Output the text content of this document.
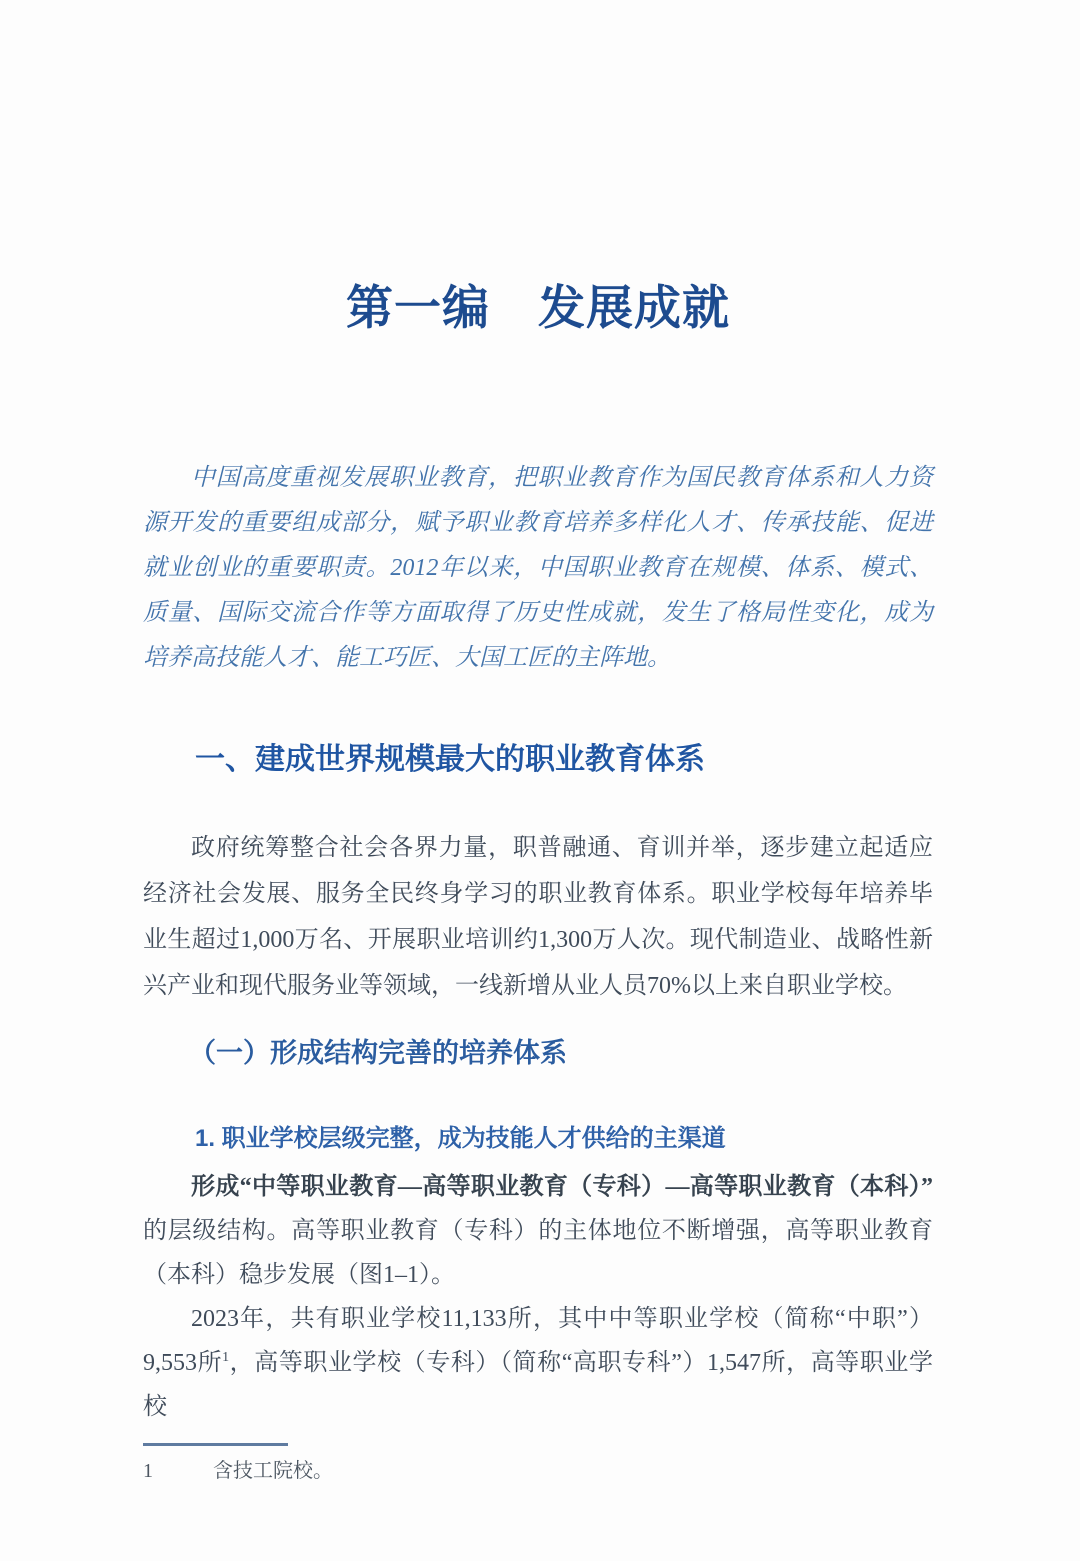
第一编　发展成就

中国高度重视发展职业教育，把职业教育作为国民教育体系和人力资源开发的重要组成部分，赋予职业教育培养多样化人才、传承技能、促进就业创业的重要职责。2012年以来，中国职业教育在规模、体系、模式、质量、国际交流合作等方面取得了历史性成就，发生了格局性变化，成为培养高技能人才、能工巧匠、大国工匠的主阵地。

一、建成世界规模最大的职业教育体系

政府统筹整合社会各界力量，职普融通、育训并举，逐步建立起适应经济社会发展、服务全民终身学习的职业教育体系。职业学校每年培养毕业生超过1,000万名、开展职业培训约1,300万人次。现代制造业、战略性新兴产业和现代服务业等领域，一线新增从业人员70%以上来自职业学校。

（一）形成结构完善的培养体系
1. 职业学校层级完整，成为技能人才供给的主渠道

形成“中等职业教育—高等职业教育（专科）—高等职业教育（本科）”的层级结构。高等职业教育（专科）的主体地位不断增强，高等职业教育（本科）稳步发展（图1–1）。

2023年，共有职业学校11,133所，其中中等职业学校（简称“中职”）9,553所$^1$，高等职业学校（专科）（简称“高职专科”）1,547所，高等职业学校

1	含技工院校。
